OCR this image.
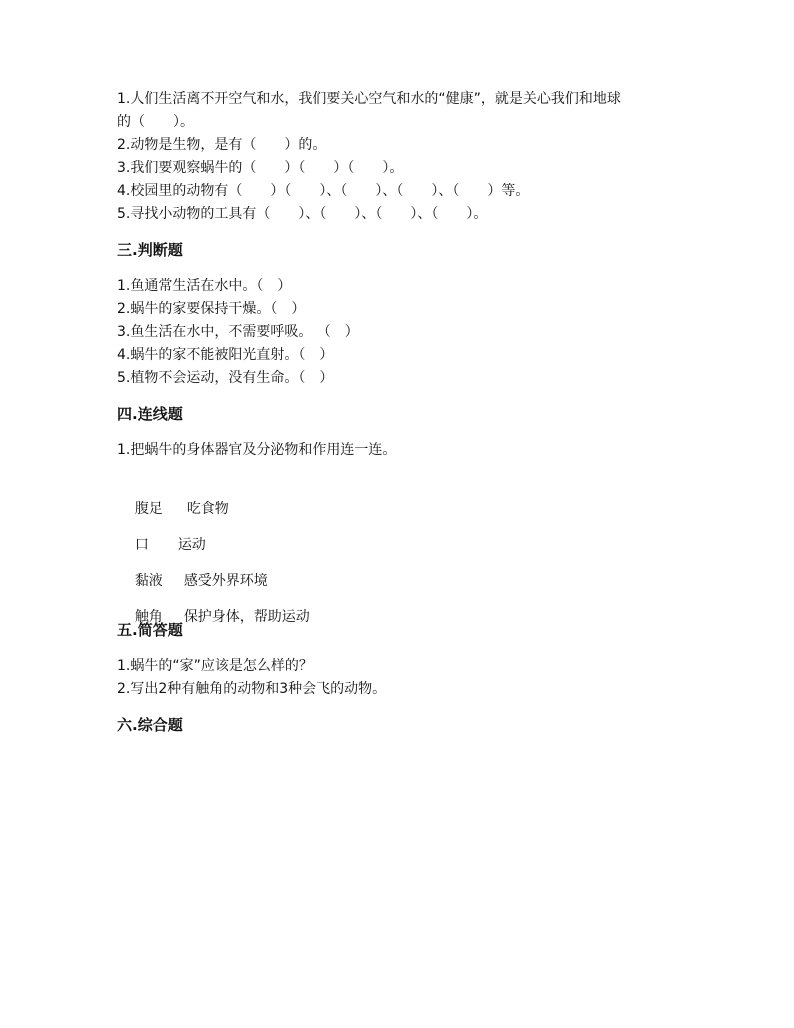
1.人们生活离不开空气和水，我们要关心空气和水的“健康”，就是关心我们和地球
的（　　）。
2.动物是生物，是有（　　）的。
3.我们要观察蜗牛的（　　）（　　）（　　）。
4.校园里的动物有（　　）（　　）、（　　）、（　　）、（　　）等。
5.寻找小动物的工具有（　　）、（　　）、（　　）、（　　）。
三.判断题
1.鱼通常生活在水中。（　）
2.蜗牛的家要保持干燥。（　）
3.鱼生活在水中，不需要呼吸。 （　）
4.蜗牛的家不能被阳光直射。（　）
5.植物不会运动，没有生命。（　）
四.连线题
1.把蜗牛的身体器官及分泌物和作用连一连。

腹足 吃食物

口 运动

黏液 感受外界环境

触角 保护身体，帮助运动

五.简答题
1.蜗牛的“家”应该是怎么样的？
2.写出2种有触角的动物和3种会飞的动物。
六.综合题
